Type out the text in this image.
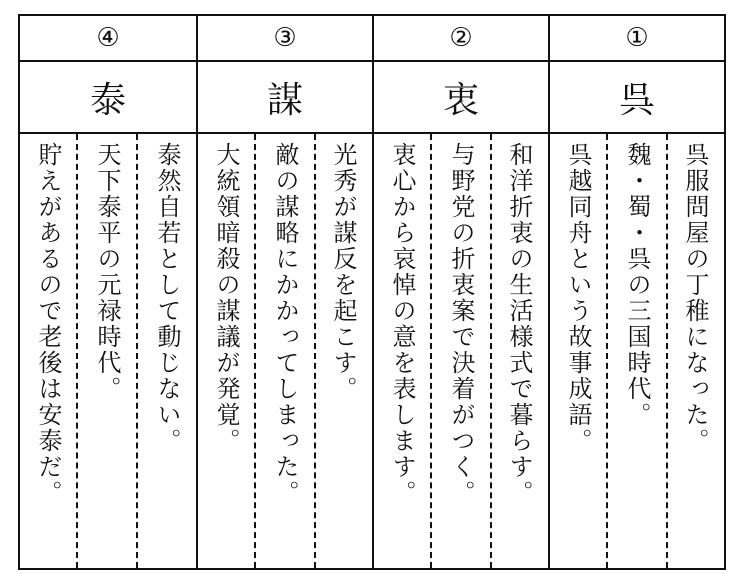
④
泰
泰然自若として動じない。
天下泰平の元禄時代。
貯えがあるので老後は安泰だ。
③
謀
光秀が謀反を起こす。
敵の謀略にかかってしまった。
大統領暗殺の謀議が発覚。
②
衷
和洋折衷の生活様式で暮らす。
与野党の折衷案で決着がつく。
衷心から哀悼の意を表します。
①
呉
呉服問屋の丁稚になった。
魏・蜀・呉の三国時代。
呉越同舟という故事成語。
